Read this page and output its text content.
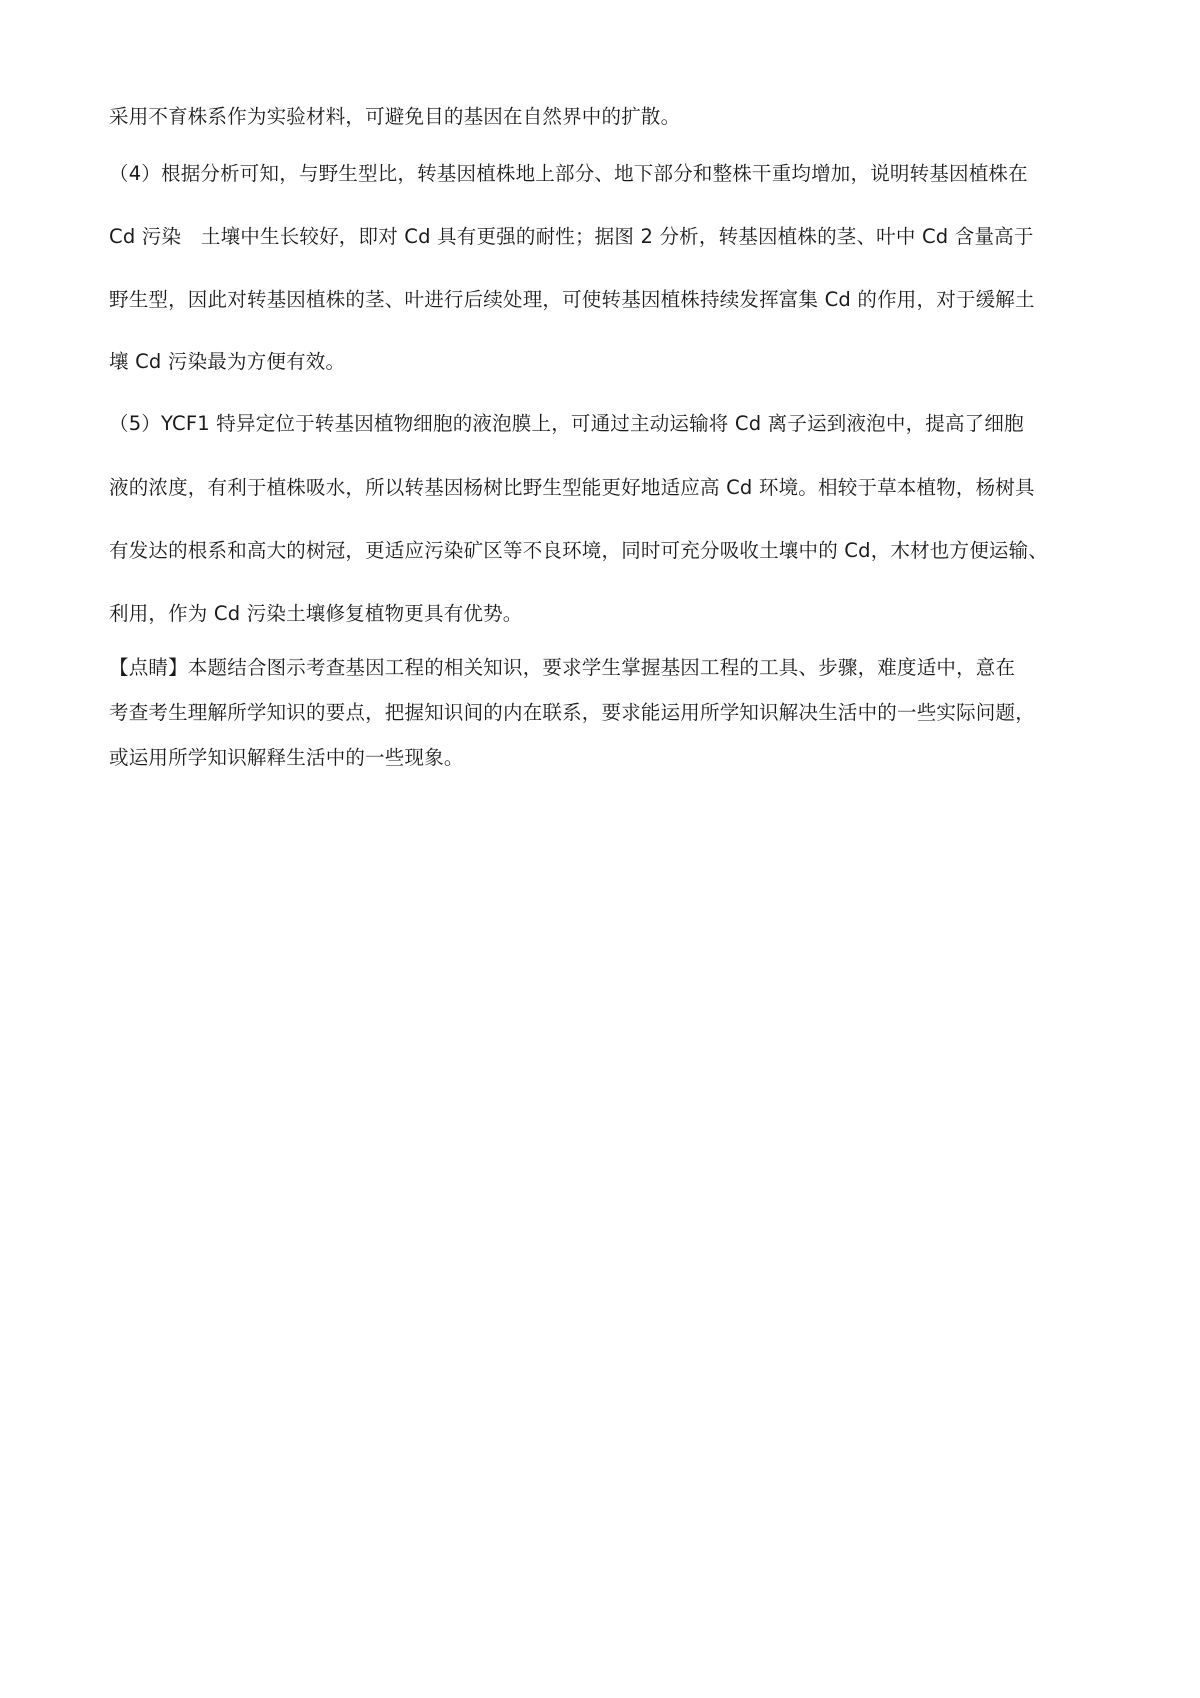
采用不育株系作为实验材料，可避免目的基因在自然界中的扩散。
（4）根据分析可知，与野生型比，转基因植株地上部分、地下部分和整株干重均增加，说明转基因植株在
Cd 污染　土壤中生长较好，即对 Cd 具有更强的耐性；据图 2 分析，转基因植株的茎、叶中 Cd 含量高于
野生型，因此对转基因植株的茎、叶进行后续处理，可使转基因植株持续发挥富集 Cd 的作用，对于缓解土
壤 Cd 污染最为方便有效。
（5）YCF1 特异定位于转基因植物细胞的液泡膜上，可通过主动运输将 Cd 离子运到液泡中，提高了细胞
液的浓度，有利于植株吸水，所以转基因杨树比野生型能更好地适应高 Cd 环境。相较于草本植物，杨树具
有发达的根系和高大的树冠，更适应污染矿区等不良环境，同时可充分吸收土壤中的 Cd，木材也方便运输、
利用，作为 Cd 污染土壤修复植物更具有优势。
【点睛】本题结合图示考查基因工程的相关知识，要求学生掌握基因工程的工具、步骤，难度适中，意在
考查考生理解所学知识的要点，把握知识间的内在联系，要求能运用所学知识解决生活中的一些实际问题，
或运用所学知识解释生活中的一些现象。
